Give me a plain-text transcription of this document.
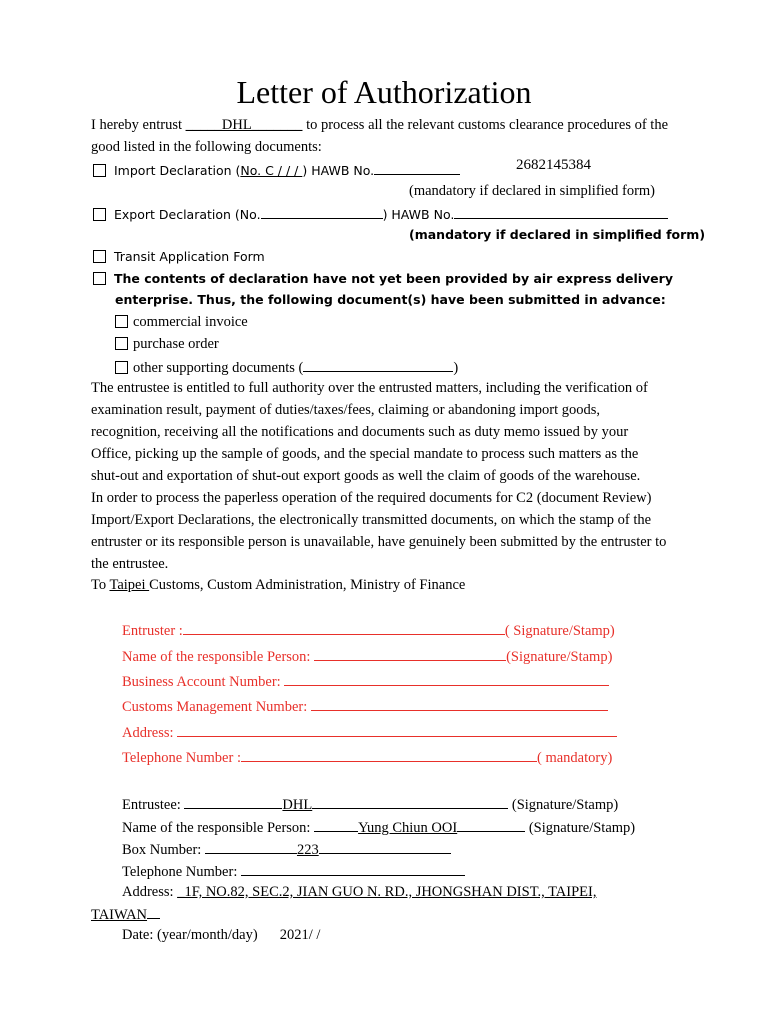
Letter of Authorization
I hereby entrust _____DHL_______ to process all the relevant customs clearance procedures of the
good listed in the following documents:
Import Declaration (No. C / / / ) HAWB No.	2682145384
(mandatory if declared in simplified form)
Export Declaration (No.	) HAWB No.
(mandatory if declared in simplified form)
Transit Application Form
The contents of declaration have not yet been provided by air express delivery
enterprise. Thus, the following document(s) have been submitted in advance:
commercial invoice
purchase order
other supporting documents (	)
The entrustee is entitled to full authority over the entrusted matters, including the verification of
examination result, payment of duties/taxes/fees, claiming or abandoning import goods,
recognition, receiving all the notifications and documents such as duty memo issued by your
Office, picking up the sample of goods, and the special mandate to process such matters as the
shut-out and exportation of shut-out export goods as well the claim of goods of the warehouse.
In order to process the paperless operation of the required documents for C2 (document Review)
Import/Export Declarations, the electronically transmitted documents, on which the stamp of the
entruster or its responsible person is unavailable, have genuinely been submitted by the entruster to
the entrustee.
To Taipei Customs, Custom Administration, Ministry of Finance
Entruster :	( Signature/Stamp)
Name of the responsible Person:	(Signature/Stamp)
Business Account Number:
Customs Management Number:
Address:
Telephone Number :	( mandatory)
Entrustee:	DHL	(Signature/Stamp)
Name of the responsible Person:	Yung Chiun OOI	(Signature/Stamp)
Box Number:	223
Telephone Number:
Address: _1F, NO.82, SEC.2, JIAN GUO N. RD., JHONGSHAN DIST., TAIPEI,
TAIWAN
Date: (year/month/day) 2021/ /
